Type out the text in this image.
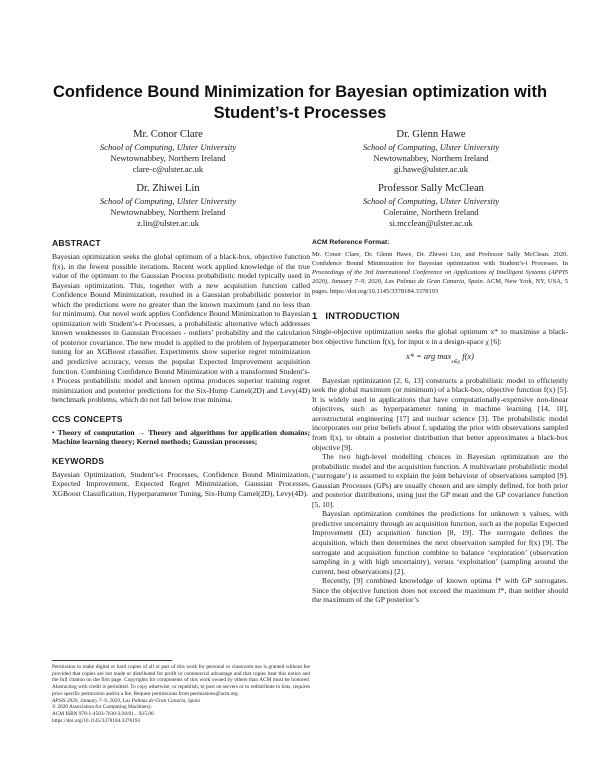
Confidence Bound Minimization for Bayesian optimization with Student’s-t Processes
Mr. Conor Clare
School of Computing, Ulster University
Newtownabbey, Northern Ireland
clare-c@ulster.ac.uk
Dr. Glenn Hawe
School of Computing, Ulster University
Newtownabbey, Northern Ireland
gi.hawe@ulster.ac.uk
Dr. Zhiwei Lin
School of Computing, Ulster University
Newtownabbey, Northern Ireland
z.lin@ulster.ac.uk
Professor Sally McClean
School of Computing, Ulster University
Coleraine, Northern Ireland
si.mcclean@ulster.ac.uk
ABSTRACT

Bayesian optimization seeks the global optimum of a black-box, objective function f(x), in the fewest possible iterations. Recent work applied knowledge of the true value of the optimum to the Gaussian Process probabilistic model typically used in Bayesian optimization. This, together with a new acquisition function called Confidence Bound Minimization, resulted in a Gaussian probabilistic posterior in which the predictions were no greater than the known maximum (and no less than for minimum). Our novel work applies Confidence Bound Minimization to Bayesian optimization with Student’s-t Processes, a probabilistic alternative which addresses known weaknesses in Gaussian Processes - outliers’ probability and the calculation of posterior covariance. The new model is applied to the problem of hyperparameter tuning for an XGBoost classifier. Experiments show superior regret minimization and predictive accuracy, versus the popular Expected Improvement acquisition function. Combining Confidence Bound Minimization with a transformed Student’s-t Process probabilistic model and known optima produces superior training regret minimization and posterior predictions for the Six-Hump Camel(2D) and Levy(4D) benchmark problems, which do not fall below true minima.

CCS CONCEPTS

• Theory of computation → Theory and algorithms for application domains; Machine learning theory; Kernel methods; Gaussian processes;

KEYWORDS

Bayesian Optimization, Student’s-t Processes, Confidence Bound Minimization, Expected Improvement, Expected Regret Minimization, Gaussian Processes, XGBoost Classification, Hyperparameter Tuning, Six-Hump Camel(2D), Levy(4D).

Permission to make digital or hard copies of all or part of this work for personal or classroom use is granted without fee provided that copies are not made or distributed for profit or commercial advantage and that copies bear this notice and the full citation on the first page. Copyrights for components of this work owned by others than ACM must be honored. Abstracting with credit is permitted. To copy otherwise, or republish, to post on servers or to redistribute to lists, requires prior specific permission and/or a fee. Request permissions from permissions@acm.org.

APSIS 2020, January 7–9, 2020, Las Palmas de Gran Canaria, Spain

© 2020 Association for Computing Machinery.

ACM ISBN 978-1-4503-7630-3/20/01... $15.00

https://doi.org/10.1145/3378184.3378193

ACM Reference Format:

Mr. Conor Clare, Dr. Glenn Hawe, Dr. Zhiwei Lin, and Professor Sally McClean. 2020. Confidence Bound Minimization for Bayesian optimization with Student’s-t Processes. In Proceedings of the 3rd International Conference on Applications of Intelligent Systems (APPIS 2020), January 7–9, 2020, Las Palmas de Gran Canaria, Spain. ACM, New York, NY, USA, 5 pages. https://doi.org/10.1145/3378184.3378193

1 INTRODUCTION

Single-objective optimization seeks the global optimum x* to maximise a black-box objective function f(x), for input x in a design-space χ [6]:

x* = arg $\max_{x\in\chi} f(x)$

Bayesian optimization [2, 6, 13] constructs a probabilistic model to efficiently seek the global maximum (or minimum) of a black-box, objective function f(x) [5]. It is widely used in applications that have computationally-expensive non-linear objectives, such as hyperparameter tuning in machine learning [14, 18], aerostructural engineering [17] and nuclear science [3]. The probabilistic model incorporates our prior beliefs about f, updating the prior with observations sampled from f(x), to obtain a posterior distribution that better approximates a black-box objective [9].

The two high-level modelling choices in Bayesian optimization are the probabilistic model and the acquisition function. A multivariate probabilistic model (‘surrogate’) is assumed to explain the joint behaviour of observations sampled [9]. Gaussian Processes (GPs) are usually chosen and are simply defined, for both prior and posterior distributions, using just the GP mean and the GP covariance function [5, 10].

Bayesian optimization combines the predictions for unknown x values, with predictive uncertainty through an acquisition function, such as the popular Expected Improvement (EI) acquisition function [8, 19]. The surrogate defines the acquisition, which then determines the next observation sampled for f(x) [9]. The surrogate and acquisition function combine to balance ‘exploration’ (observation sampling in χ with high uncertainty), versus ‘exploitation’ (sampling around the current, best observations) [2].

Recently, [9] combined knowledge of known optima f* with GP surrogates. Since the objective function does not exceed the maximum f*, than neither should the maximum of the GP posterior’s
